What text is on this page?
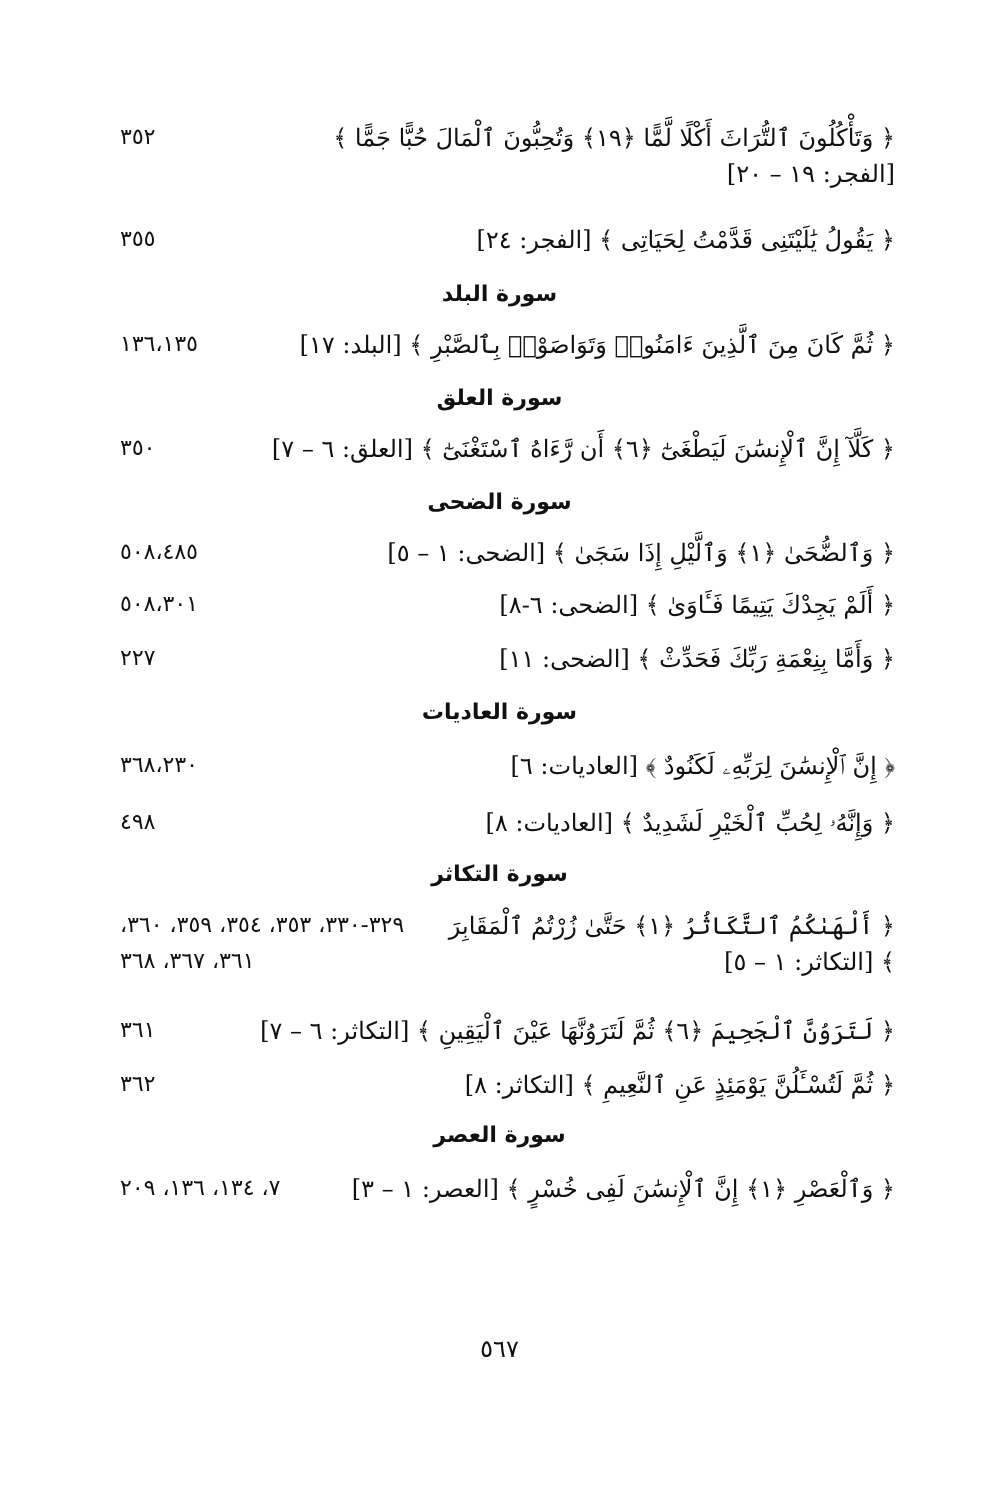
﴿ وَتَأْكُلُونَ ٱلتُّرَاثَ أَكْلًا لَّمًّا ﴿١٩﴾ وَتُحِبُّونَ ٱلْمَالَ حُبًّا جَمًّا ﴾ [الفجر: ١٩ – ٢٠]
٣٥٢
﴿ يَقُولُ يَٰلَيْتَنِى قَدَّمْتُ لِحَيَاتِى ﴾ [الفجر: ٢٤]
٣٥٥
سورة البلد
﴿ ثُمَّ كَانَ مِنَ ٱلَّذِينَ ءَامَنُوا۟ وَتَوَاصَوْا۟ بِٱلصَّبْرِ ﴾ [البلد: ١٧]
١٣٦،١٣٥
سورة العلق
﴿ كَلَّآ إِنَّ ٱلْإِنسَٰنَ لَيَطْغَىٰٓ ﴿٦﴾ أَن رَّءَاهُ ٱسْتَغْنَىٰٓ ﴾ [العلق: ٦ – ٧]
٣٥٠
سورة الضحى
﴿ وَٱلضُّحَىٰ ﴿١﴾ وَٱلَّيْلِ إِذَا سَجَىٰ ﴾ [الضحى: ١ – ٥]
٥٠٨،٤٨٥
﴿ أَلَمْ يَجِدْكَ يَتِيمًا فَـَٔاوَىٰ ﴾ [الضحى: ٦-٨]
٥٠٨،٣٠١
﴿ وَأَمَّا بِنِعْمَةِ رَبِّكَ فَحَدِّثْ ﴾ [الضحى: ١١]
٢٢٧
سورة العاديات
﴿ إِنَّ ٱلْإِنسَٰنَ لِرَبِّهِۦ لَكَنُودٌ ﴾ [العاديات: ٦]
٣٦٨،٢٣٠
﴿ وَإِنَّهُۥ لِحُبِّ ٱلْخَيْرِ لَشَدِيدٌ ﴾ [العاديات: ٨]
٤٩٨
سورة التكاثر
﴿ أَلْهَىٰكُمُ ٱلتَّكَاثُرُ ﴿١﴾ حَتَّىٰ زُرْتُمُ ٱلْمَقَابِرَ ﴾ [التكاثر: ١ – ٥]
٣٢٩-٣٣٠، ٣٥٣، ٣٥٤، ٣٥٩، ٣٦٠، ٣٦١، ٣٦٧، ٣٦٨
﴿ لَتَرَوُنَّ ٱلْجَحِيمَ ﴿٦﴾ ثُمَّ لَتَرَوُنَّهَا عَيْنَ ٱلْيَقِينِ ﴾ [التكاثر: ٦ – ٧]
٣٦١
﴿ ثُمَّ لَتُسْـَٔلُنَّ يَوْمَئِذٍ عَنِ ٱلنَّعِيمِ ﴾ [التكاثر: ٨]
٣٦٢
سورة العصر
﴿ وَٱلْعَصْرِ ﴿١﴾ إِنَّ ٱلْإِنسَٰنَ لَفِى خُسْرٍ ﴾ [العصر: ١ – ٣]
٧، ١٣٤، ١٣٦، ٢٠٩
٥٦٧
